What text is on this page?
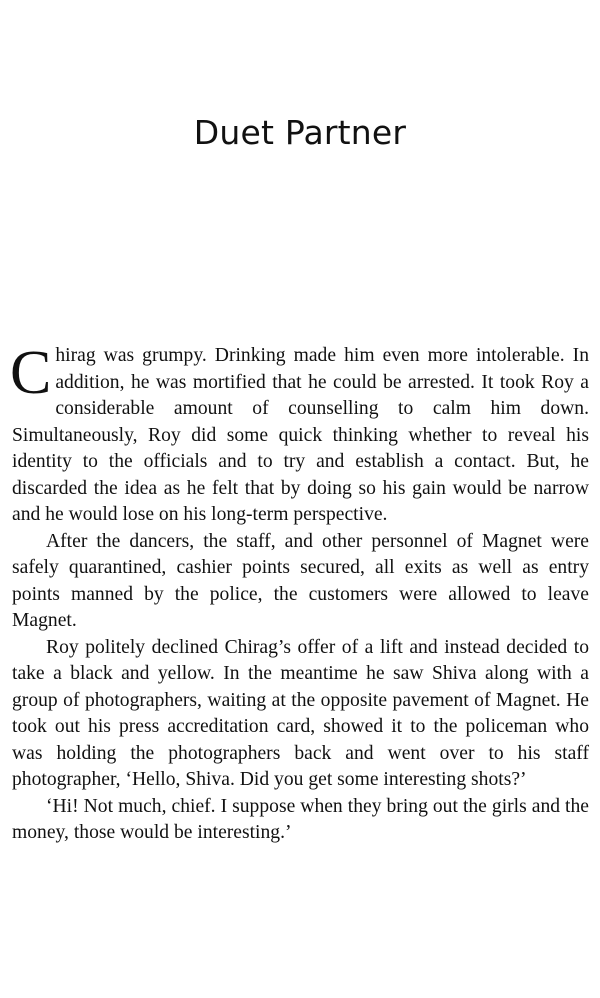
Duet Partner

Chirag was grumpy. Drinking made him even more intolerable. In addition, he was mortified that he could be arrested. It took Roy a considerable amount of counselling to calm him down. Simultaneously, Roy did some quick thinking whether to reveal his identity to the officials and to try and establish a contact. But, he discarded the idea as he felt that by doing so his gain would be narrow and he would lose on his long-term perspective.

After the dancers, the staff, and other personnel of Magnet were safely quarantined, cashier points secured, all exits as well as entry points manned by the police, the customers were allowed to leave Magnet.

Roy politely declined Chirag’s offer of a lift and instead decided to take a black and yellow. In the meantime he saw Shiva along with a group of photographers, waiting at the opposite pavement of Magnet. He took out his press accreditation card, showed it to the policeman who was holding the photographers back and went over to his staff photographer, ‘Hello, Shiva. Did you get some interesting shots?’

‘Hi! Not much, chief. I suppose when they bring out the girls and the money, those would be interesting.’
